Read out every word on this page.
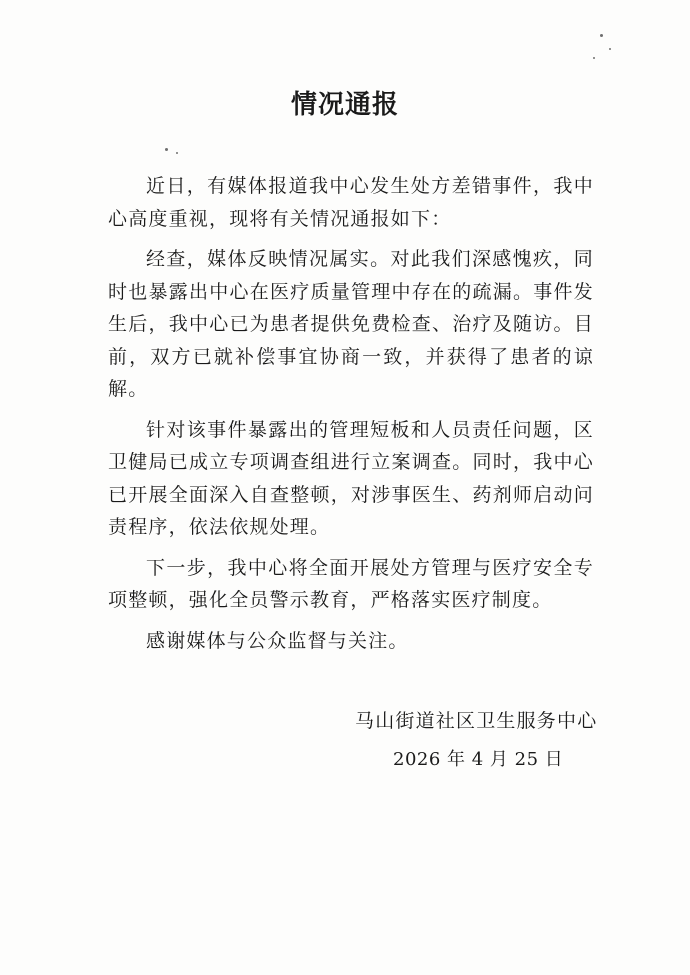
情况通报

近日，有媒体报道我中心发生处方差错事件，我中心高度重视，现将有关情况通报如下：

经查，媒体反映情况属实。对此我们深感愧疚，同时也暴露出中心在医疗质量管理中存在的疏漏。事件发生后，我中心已为患者提供免费检查、治疗及随访。目前，双方已就补偿事宜协商一致，并获得了患者的谅解。

针对该事件暴露出的管理短板和人员责任问题，区卫健局已成立专项调查组进行立案调查。同时，我中心已开展全面深入自查整顿，对涉事医生、药剂师启动问责程序，依法依规处理。

下一步，我中心将全面开展处方管理与医疗安全专项整顿，强化全员警示教育，严格落实医疗制度。

感谢媒体与公众监督与关注。

马山街道社区卫生服务中心
2026 年 4 月 25 日
